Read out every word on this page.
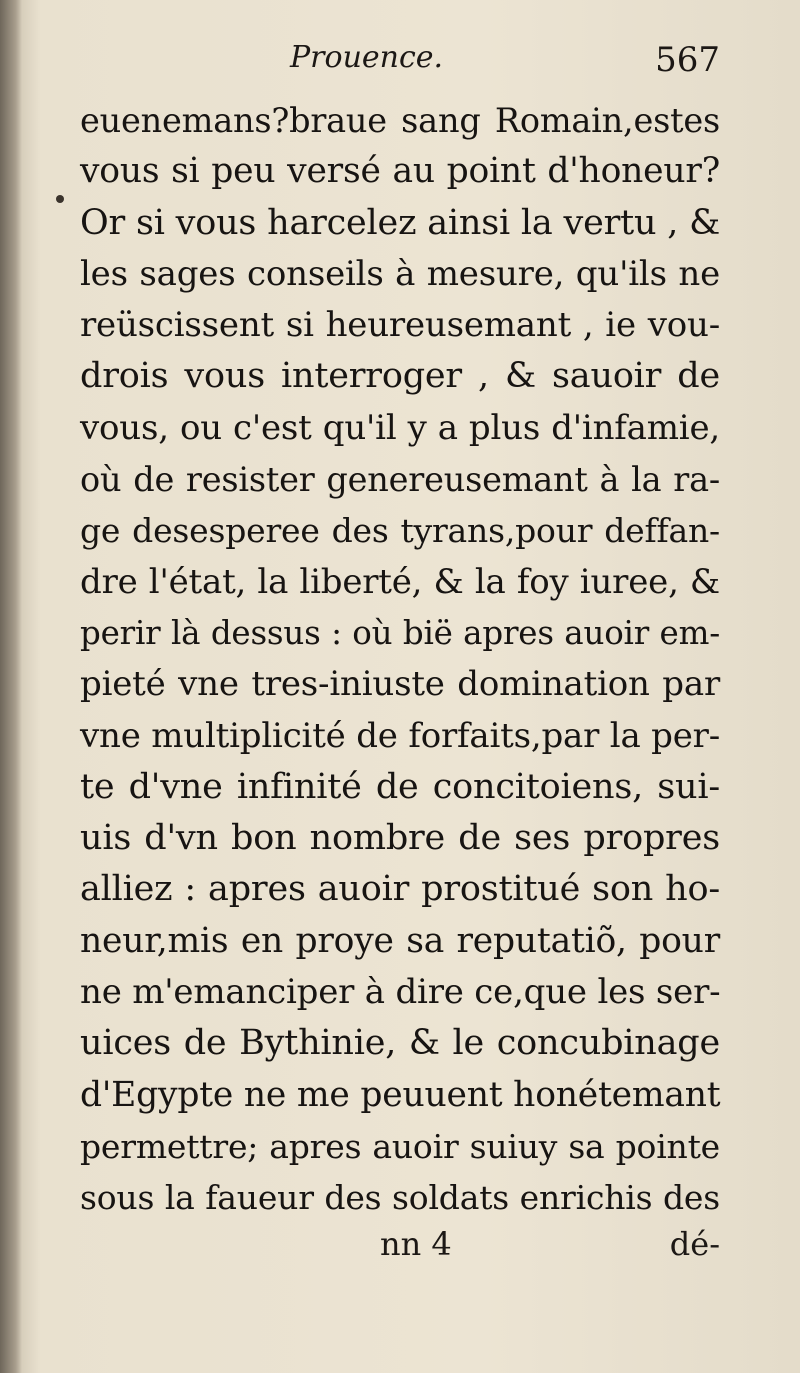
Prouence.	567
euenemans?braue sang Romain,estes
vous si peu versé au point d'honeur?
Or si vous harcelez ainsi la vertu , &
les sages conseils à mesure, qu'ils ne
reüscissent si heureusemant , ie vou-
drois vous interroger , & sauoir de
vous, ou c'est qu'il y a plus d'infamie,
où de resister genereusemant à la ra-
ge desesperee des tyrans,pour deffan-
dre l'état, la liberté, & la foy iuree, &
perir là dessus : où bië apres auoir em-
pieté vne tres-iniuste domination par
vne multiplicité de forfaits,par la per-
te d'vne infinité de concitoiens, sui-
uis d'vn bon nombre de ses propres
alliez : apres auoir prostitué son ho-
neur,mis en proye sa reputatiõ, pour
ne m'emanciper à dire ce,que les ser-
uices de Bythinie, & le concubinage
d'Egypte ne me peuuent honétemant
permettre; apres auoir suiuy sa pointe
sous la faueur des soldats enrichis des
nn 4	dé-
